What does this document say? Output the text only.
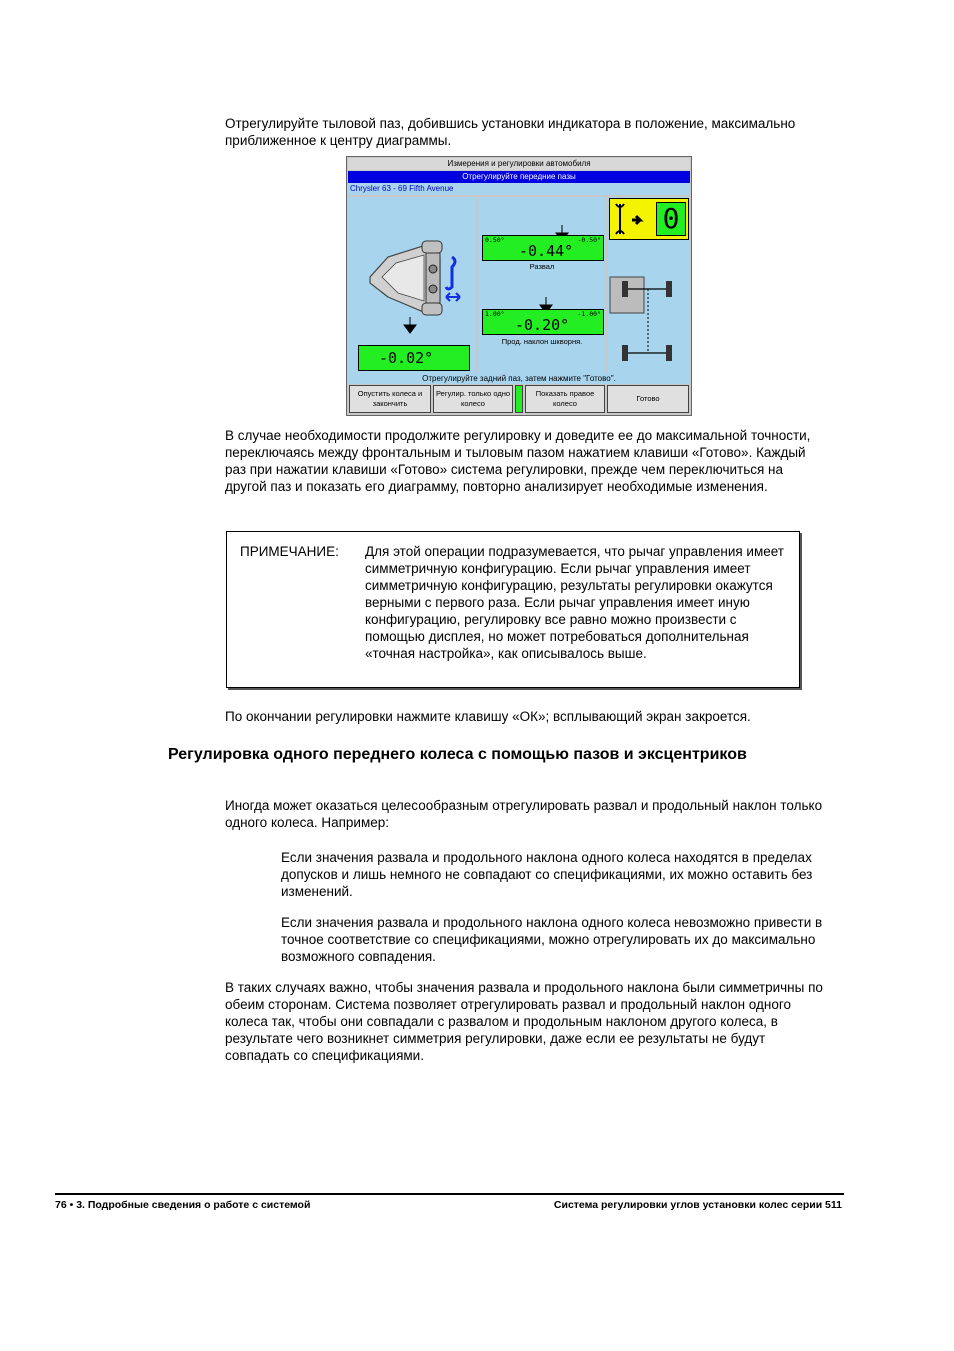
Отрегулируйте тыловой паз, добившись установки индикатора в положение, максимально приближенное к центру диаграммы.

Измерения и регулировки автомобиля
Отрегулируйте передние пазы
Chrysler 63 - 69 Fifth Avenue
-0.02°
0.50°	-0.50°
-0.44°
Развал
1.00°	-1.00°
-0.20°
Прод. наклон шкворня.
0
Отрегулируйте задний паз, затем нажмите "Готово".
Опустить колеса и закончить
Регулир. только одно колесо
Показать правое колесо
Готово

В случае необходимости продолжите регулировку и доведите ее до максимальной точности, переключаясь между фронтальным и тыловым пазом нажатием клавиши «Готово». Каждый раз при нажатии клавиши «Готово» система регулировки, прежде чем переключиться на другой паз и показать его диаграмму, повторно анализирует необходимые изменения.

ПРИМЕЧАНИЕ: Для этой операции подразумевается, что рычаг управления имеет симметричную конфигурацию. Если рычаг управления имеет симметричную конфигурацию, результаты регулировки окажутся верными с первого раза. Если рычаг управления имеет иную конфигурацию, регулировку все равно можно произвести с помощью дисплея, но может потребоваться дополнительная «точная настройка», как описывалось выше.

По окончании регулировки нажмите клавишу «ОК»; всплывающий экран закроется.

Регулировка одного переднего колеса с помощью пазов и эксцентриков

Иногда может оказаться целесообразным отрегулировать развал и продольный наклон только одного колеса. Например:

Если значения развала и продольного наклона одного колеса находятся в пределах допусков и лишь немного не совпадают со спецификациями, их можно оставить без изменений.

Если значения развала и продольного наклона одного колеса невозможно привести в точное соответствие со спецификациями, можно отрегулировать их до максимально возможного совпадения.

В таких случаях важно, чтобы значения развала и продольного наклона были симметричны по обеим сторонам. Система позволяет отрегулировать развал и продольный наклон одного колеса так, чтобы они совпадали с развалом и продольным наклоном другого колеса, в результате чего возникнет симметрия регулировки, даже если ее результаты не будут совпадать со спецификациями.

76 • 3. Подробные сведения о работе с системой	Система регулировки углов установки колес серии 511
